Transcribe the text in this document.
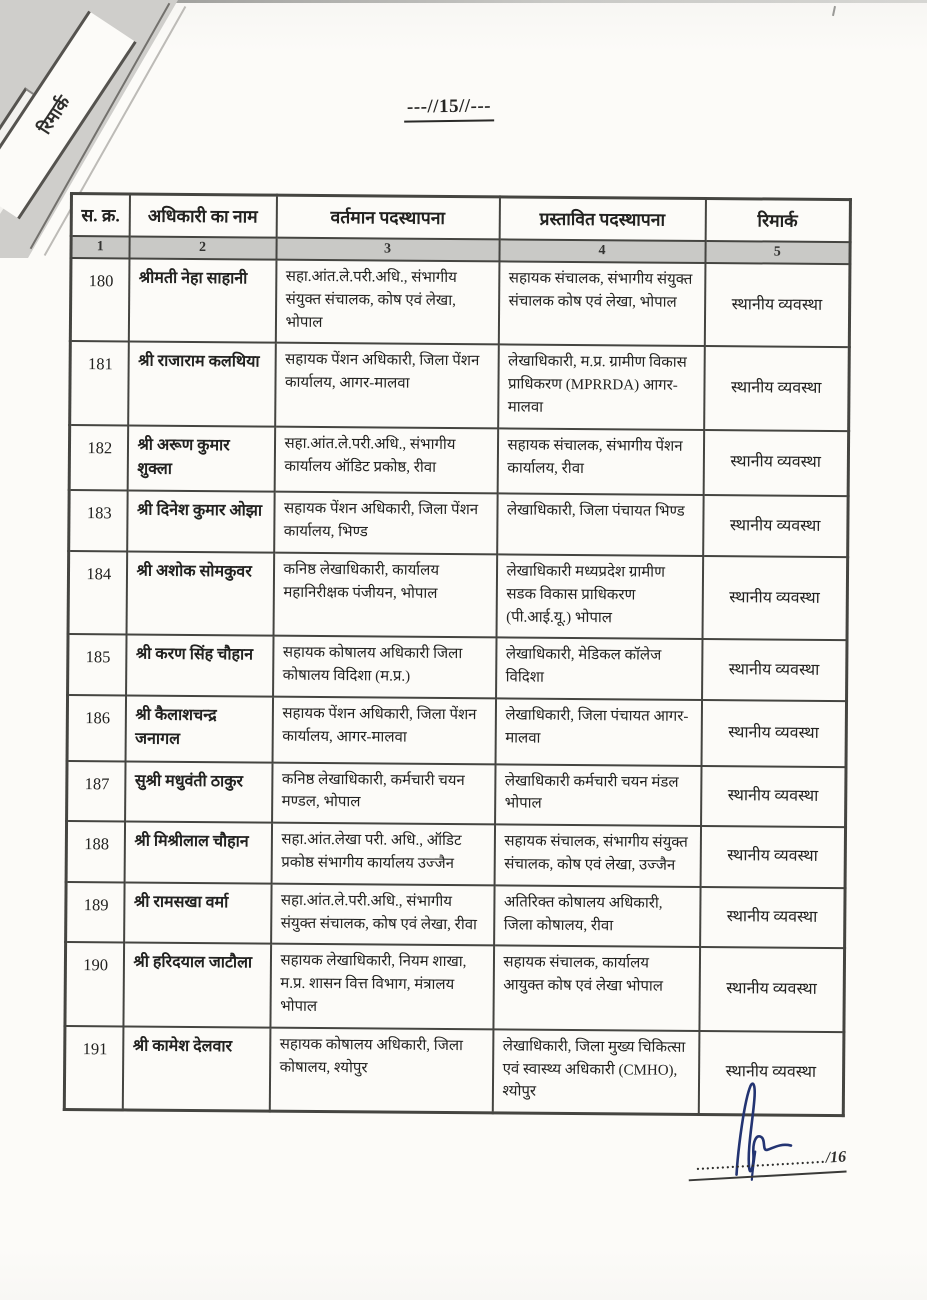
रिमार्क	---//15//---
स. क्र.	अधिकारी का नाम	वर्तमान पदस्थापना	प्रस्तावित पदस्थापना	रिमार्क
1	2	3	4	5
180	श्रीमती नेहा साहानी	सहा.आंत.ले.परी.अधि., संभागीय संयुक्त संचालक, कोष एवं लेखा, भोपाल	सहायक संचालक, संभागीय संयुक्त संचालक कोष एवं लेखा, भोपाल	स्थानीय व्यवस्था
181	श्री राजाराम कलथिया	सहायक पेंशन अधिकारी, जिला पेंशन कार्यालय, आगर-मालवा	लेखाधिकारी, म.प्र. ग्रामीण विकास प्राधिकरण (MPRRDA) आगर-मालवा	स्थानीय व्यवस्था
182	श्री अरूण कुमार शुक्ला	सहा.आंत.ले.परी.अधि., संभागीय कार्यालय ऑडिट प्रकोष्ठ, रीवा	सहायक संचालक, संभागीय पेंशन कार्यालय, रीवा	स्थानीय व्यवस्था
183	श्री दिनेश कुमार ओझा	सहायक पेंशन अधिकारी, जिला पेंशन कार्यालय, भिण्ड	लेखाधिकारी, जिला पंचायत भिण्ड	स्थानीय व्यवस्था
184	श्री अशोक सोमकुवर	कनिष्ठ लेखाधिकारी, कार्यालय महानिरीक्षक पंजीयन, भोपाल	लेखाधिकारी मध्यप्रदेश ग्रामीण सडक विकास प्राधिकरण (पी.आई.यू.) भोपाल	स्थानीय व्यवस्था
185	श्री करण सिंह चौहान	सहायक कोषालय अधिकारी जिला कोषालय विदिशा (म.प्र.)	लेखाधिकारी, मेडिकल कॉलेज विदिशा	स्थानीय व्यवस्था
186	श्री कैलाशचन्द्र जनागल	सहायक पेंशन अधिकारी, जिला पेंशन कार्यालय, आगर-मालवा	लेखाधिकारी, जिला पंचायत आगर-मालवा	स्थानीय व्यवस्था
187	सुश्री मधुवंती ठाकुर	कनिष्ठ लेखाधिकारी, कर्मचारी चयन मण्डल, भोपाल	लेखाधिकारी कर्मचारी चयन मंडल भोपाल	स्थानीय व्यवस्था
188	श्री मिश्रीलाल चौहान	सहा.आंत.लेखा परी. अधि., ऑडिट प्रकोष्ठ संभागीय कार्यालय उज्जैन	सहायक संचालक, संभागीय संयुक्त संचालक, कोष एवं लेखा, उज्जैन	स्थानीय व्यवस्था
189	श्री रामसखा वर्मा	सहा.आंत.ले.परी.अधि., संभागीय संयुक्त संचालक, कोष एवं लेखा, रीवा	अतिरिक्त कोषालय अधिकारी, जिला कोषालय, रीवा	स्थानीय व्यवस्था
190	श्री हरिदयाल जाटौला	सहायक लेखाधिकारी, नियम शाखा, म.प्र. शासन वित्त विभाग, मंत्रालय भोपाल	सहायक संचालक, कार्यालय आयुक्त कोष एवं लेखा भोपाल	स्थानीय व्यवस्था
191	श्री कामेश देलवार	सहायक कोषालय अधिकारी, जिला कोषालय, श्योपुर	लेखाधिकारी, जिला मुख्य चिकित्सा एवं स्वास्थ्य अधिकारी (CMHO), श्योपुर	स्थानीय व्यवस्था
........................../16
